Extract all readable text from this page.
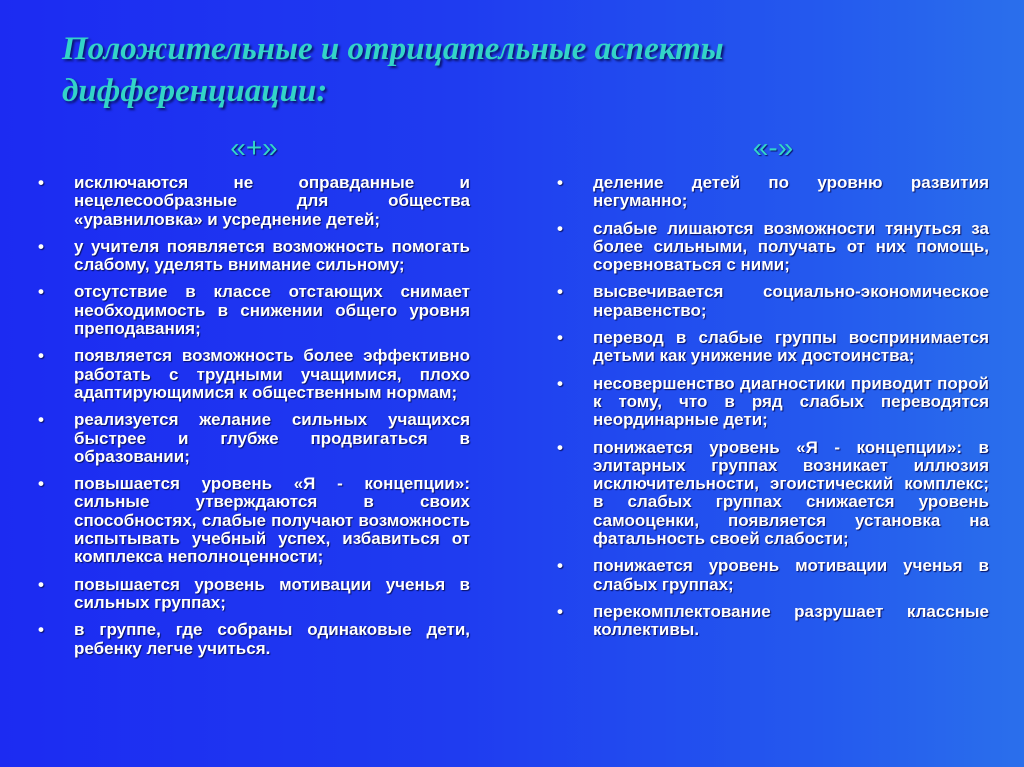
Положительные и отрицательные аспекты дифференциации:
«+»
• исключаются не оправданные и нецелесообразные для общества «уравниловка» и усреднение детей;
• у учителя появляется возможность помогать слабому, уделять внимание сильному;
• отсутствие в классе отстающих снимает необходимость в снижении общего уровня преподавания;
• появляется возможность более эффективно работать с трудными учащимися, плохо адаптирующимися к общественным нормам;
• реализуется желание сильных учащихся быстрее и глубже продвигаться в образовании;
• повышается уровень «Я - концепции»: сильные утверждаются в своих способностях, слабые получают возможность испытывать учебный успех, избавиться от комплекса неполноценности;
• повышается уровень мотивации ученья в сильных группах;
• в группе, где собраны одинаковые дети, ребенку легче учиться.
«-»
• деление детей по уровню развития негуманно;
• слабые лишаются возможности тянуться за более сильными, получать от них помощь, соревноваться с ними;
• высвечивается социально-экономическое неравенство;
• перевод в слабые группы воспринимается детьми как унижение их достоинства;
• несовершенство диагностики приводит порой к тому, что в ряд слабых переводятся неординарные дети;
• понижается уровень «Я - концепции»: в элитарных группах возникает иллюзия исключительности, эгоистический комплекс; в слабых группах снижается уровень самооценки, появляется установка на фатальность своей слабости;
• понижается уровень мотивации ученья в слабых группах;
• перекомплектование разрушает классные коллективы.
